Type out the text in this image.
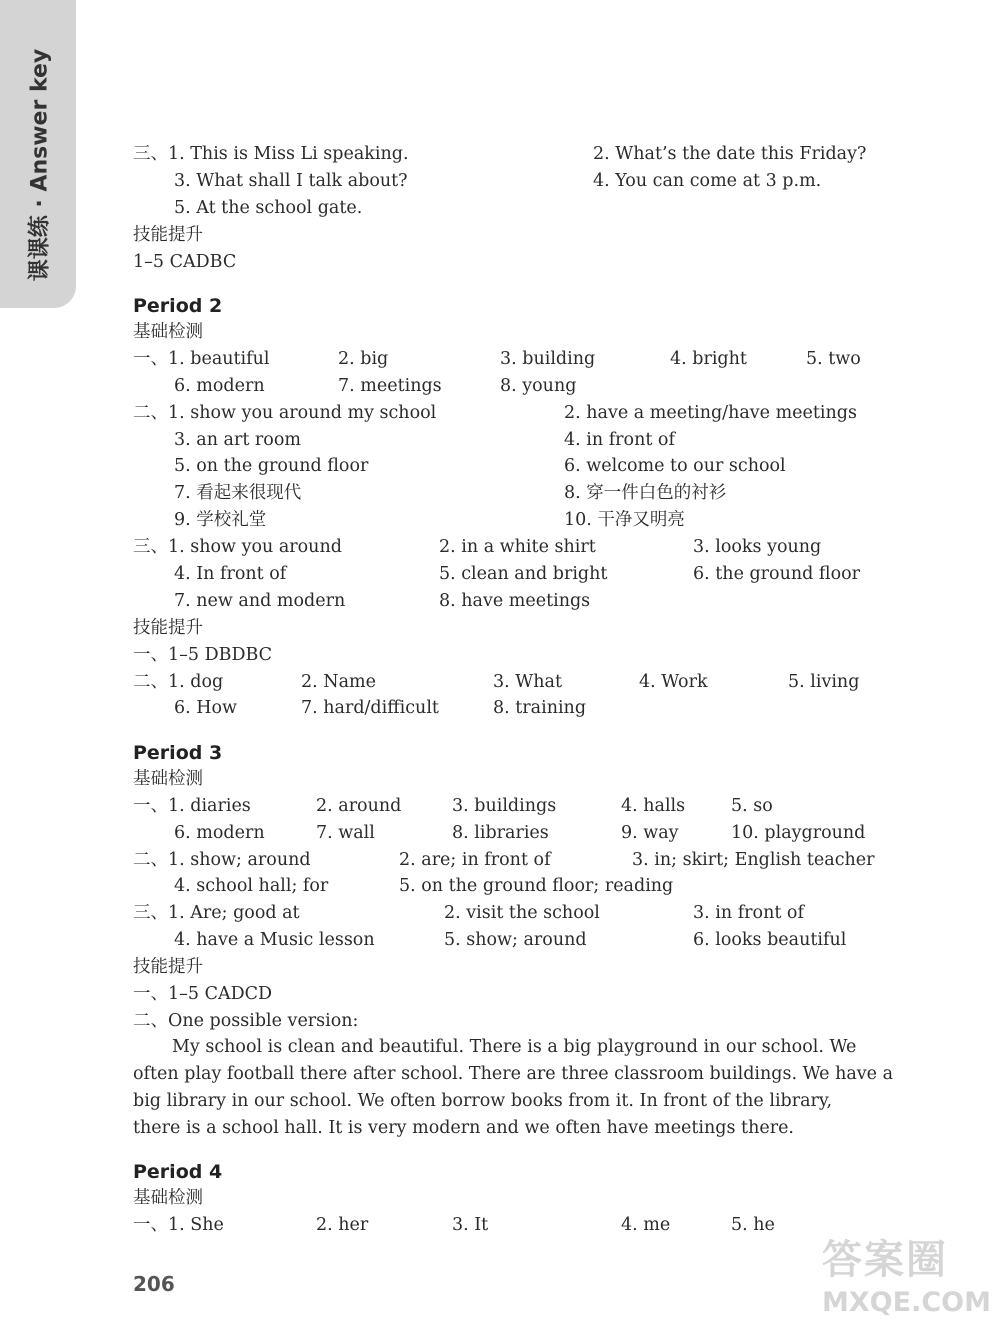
课课练 · Answer key	三、1. This is Miss Li speaking.	2. What’s the date this Friday?
3. What shall I talk about?	4. You can come at 3 p.m.
5. At the school gate.
技能提升
1–5 CADBC
Period 2
基础检测
一、1. beautiful	2. big	3. building	4. bright	5. two
6. modern	7. meetings	8. young
二、1. show you around my school	2. have a meeting/have meetings
3. an art room	4. in front of
5. on the ground floor	6. welcome to our school
7. 看起来很现代	8. 穿一件白色的衬衫
9. 学校礼堂	10. 干净又明亮
三、1. show you around	2. in a white shirt	3. looks young
4. In front of	5. clean and bright	6. the ground floor
7. new and modern	8. have meetings
技能提升
一、1–5 DBDBC
二、1. dog	2. Name	3. What	4. Work	5. living
6. How	7. hard/difficult	8. training
Period 3
基础检测
一、1. diaries	2. around	3. buildings	4. halls	5. so
6. modern	7. wall	8. libraries	9. way	10. playground
二、1. show; around	2. are; in front of	3. in; skirt; English teacher
4. school hall; for	5. on the ground floor; reading
三、1. Are; good at	2. visit the school	3. in front of
4. have a Music lesson	5. show; around	6. looks beautiful
技能提升
一、1–5 CADCD
二、One possible version:
My school is clean and beautiful. There is a big playground in our school. We
often play football there after school. There are three classroom buildings. We have a
big library in our school. We often borrow books from it. In front of the library,
there is a school hall. It is very modern and we often have meetings there.
Period 4
基础检测
一、1. She	2. her	3. It	4. me	5. he
206
答案圈
MXQE.COM
